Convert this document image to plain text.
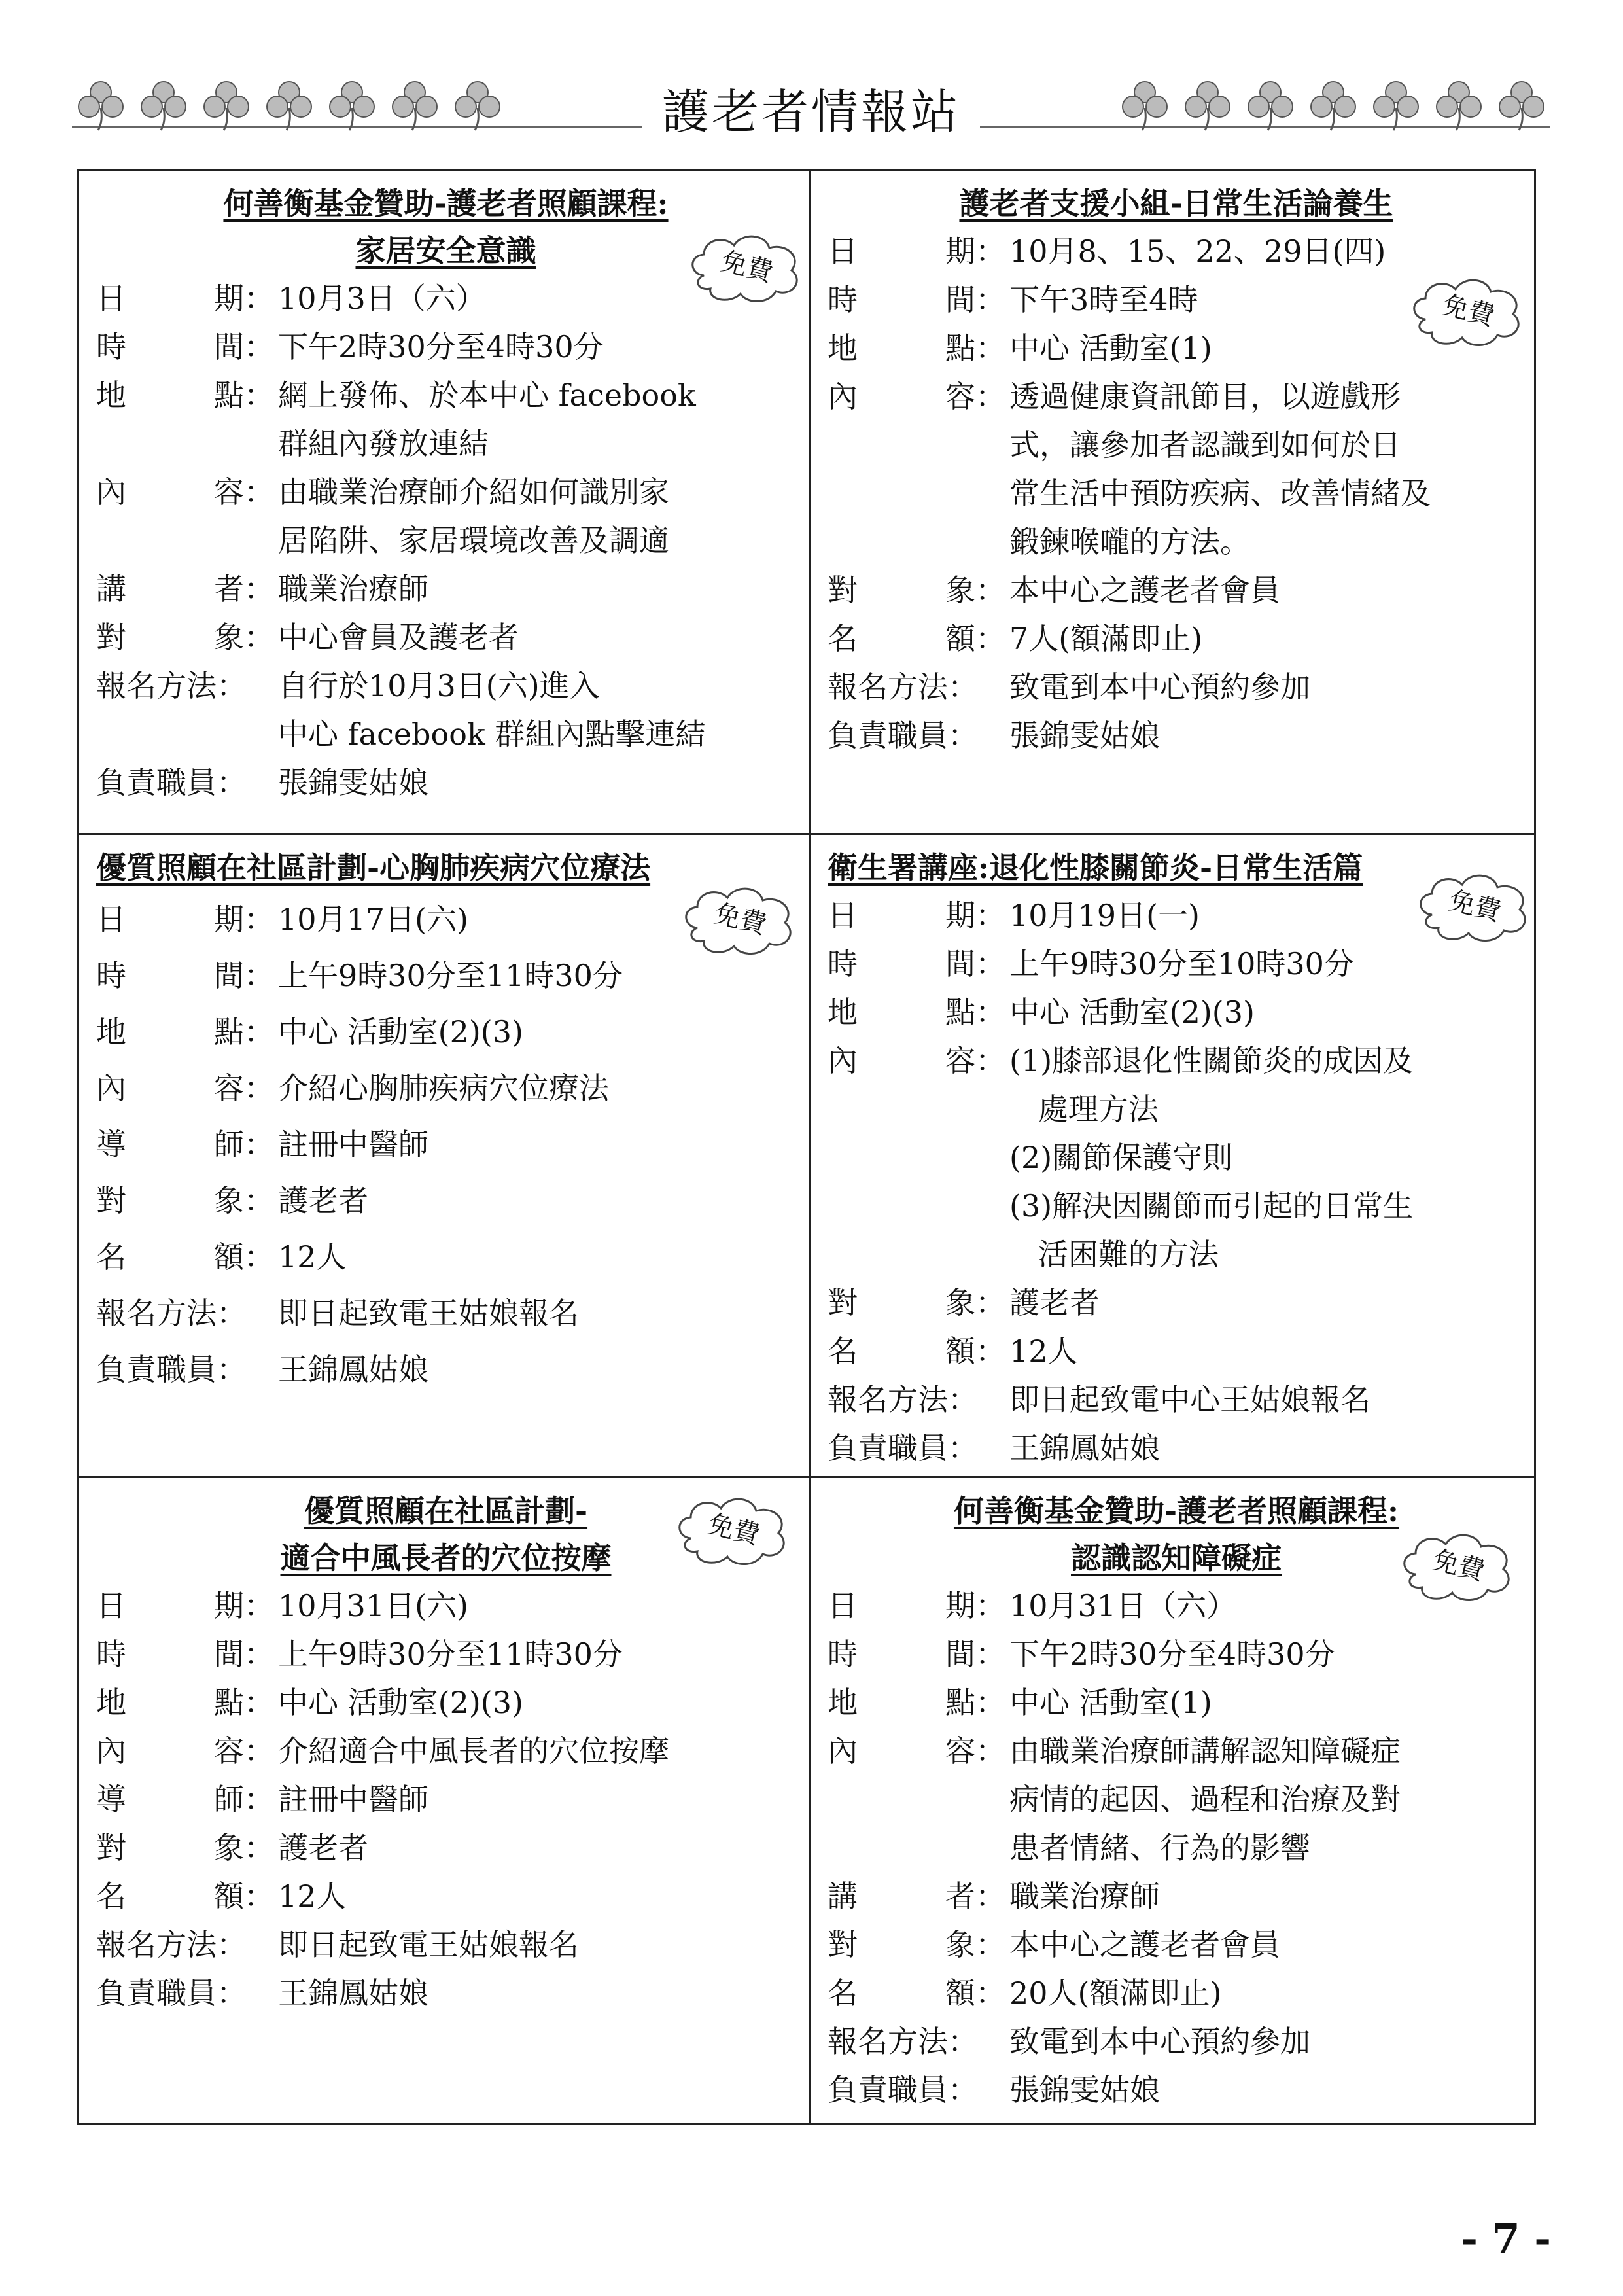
護老者情報站
何善衡基金贊助-護老者照顧課程:
家居安全意識
日	期： 10月3日（六）
時	間： 下午2時30分至4時30分
地	點： 網上發佈、於本中心 facebook
群組內發放連結
內	容： 由職業治療師介紹如何識別家
居陷阱、家居環境改善及調適
講	者： 職業治療師
對	象： 中心會員及護老者
報名方法： 自行於10月3日(六)進入
中心 facebook 群組內點擊連結
負責職員： 張錦雯姑娘
免費
護老者支援小組-日常生活論養生
日	期： 10月8、15、22、29日(四)
時	間： 下午3時至4時
地	點： 中心 活動室(1)
內	容： 透過健康資訊節目，以遊戲形
式，讓參加者認識到如何於日
常生活中預防疾病、改善情緒及
鍛鍊喉嚨的方法。
對	象： 本中心之護老者會員
名	額： 7人(額滿即止)
報名方法： 致電到本中心預約參加
負責職員： 張錦雯姑娘
免費
優質照顧在社區計劃-心胸肺疾病穴位療法
日	期： 10月17日(六)
時	間： 上午9時30分至11時30分
地	點： 中心 活動室(2)(3)
內	容： 介紹心胸肺疾病穴位療法
導	師： 註冊中醫師
對	象： 護老者
名	額： 12人
報名方法： 即日起致電王姑娘報名
負責職員： 王錦鳳姑娘
免費
衛生署講座:退化性膝關節炎-日常生活篇
日	期： 10月19日(一)
時	間： 上午9時30分至10時30分
地	點： 中心 活動室(2)(3)
內	容： (1)膝部退化性關節炎的成因及
處理方法
(2)關節保護守則
(3)解決因關節而引起的日常生
活困難的方法
對	象： 護老者
名	額： 12人
報名方法： 即日起致電中心王姑娘報名
負責職員： 王錦鳳姑娘
免費
優質照顧在社區計劃-
適合中風長者的穴位按摩
日	期： 10月31日(六)
時	間： 上午9時30分至11時30分
地	點： 中心 活動室(2)(3)
內	容： 介紹適合中風長者的穴位按摩
導	師： 註冊中醫師
對	象： 護老者
名	額： 12人
報名方法： 即日起致電王姑娘報名
負責職員： 王錦鳳姑娘
免費	何善衡基金贊助-護老者照顧課程:
認識認知障礙症
日	期： 10月31日（六）
時	間： 下午2時30分至4時30分
地	點： 中心 活動室(1)
內	容： 由職業治療師講解認知障礙症
病情的起因、過程和治療及對
患者情緒、行為的影響
講	者： 職業治療師
對	象： 本中心之護老者會員
名	額： 20人(額滿即止)
報名方法： 致電到本中心預約參加
負責職員： 張錦雯姑娘
免費
- 7 -
